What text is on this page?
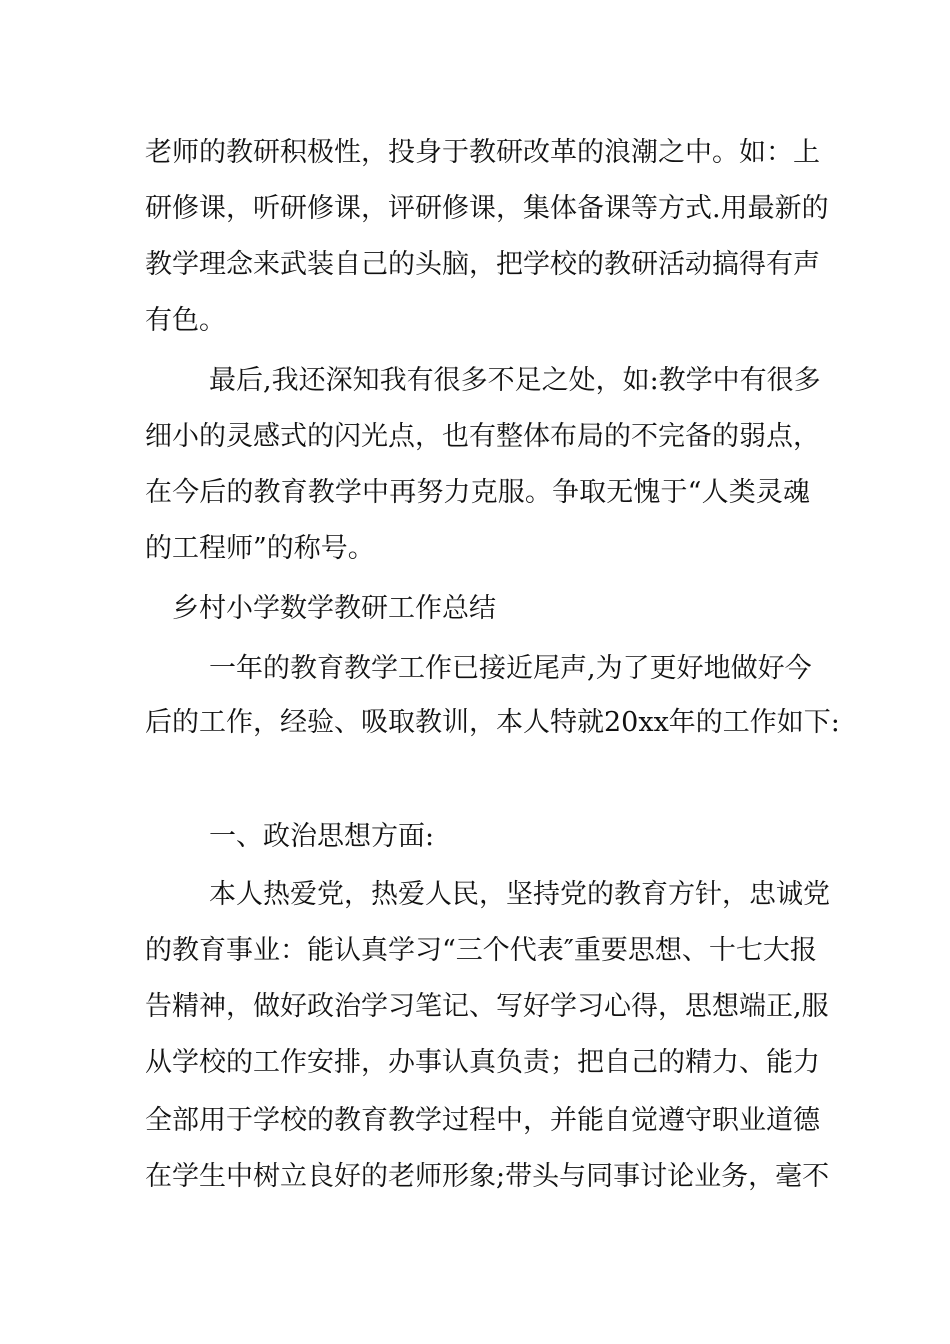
老师的教研积极性，投身于教研改革的浪潮之中。如：上

研修课，听研修课，评研修课，集体备课等方式.用最新的

教学理念来武装自己的头脑，把学校的教研活动搞得有声

有色。

最后,我还深知我有很多不足之处，如:教学中有很多

细小的灵感式的闪光点，也有整体布局的不完备的弱点，

在今后的教育教学中再努力克服。争取无愧于“人类灵魂

的工程师”的称号。

乡村小学数学教研工作总结

一年的教育教学工作已接近尾声,为了更好地做好今

后的工作，经验、吸取教训，本人特就20xx年的工作如下:

一、政治思想方面:

本人热爱党，热爱人民，坚持党的教育方针，忠诚党

的教育事业：能认真学习“三个代表″重要思想、十七大报

告精神，做好政治学习笔记、写好学习心得，思想端正,服

从学校的工作安排，办事认真负责；把自己的精力、能力

全部用于学校的教育教学过程中，并能自觉遵守职业道德

在学生中树立良好的老师形象;带头与同事讨论业务，毫不
